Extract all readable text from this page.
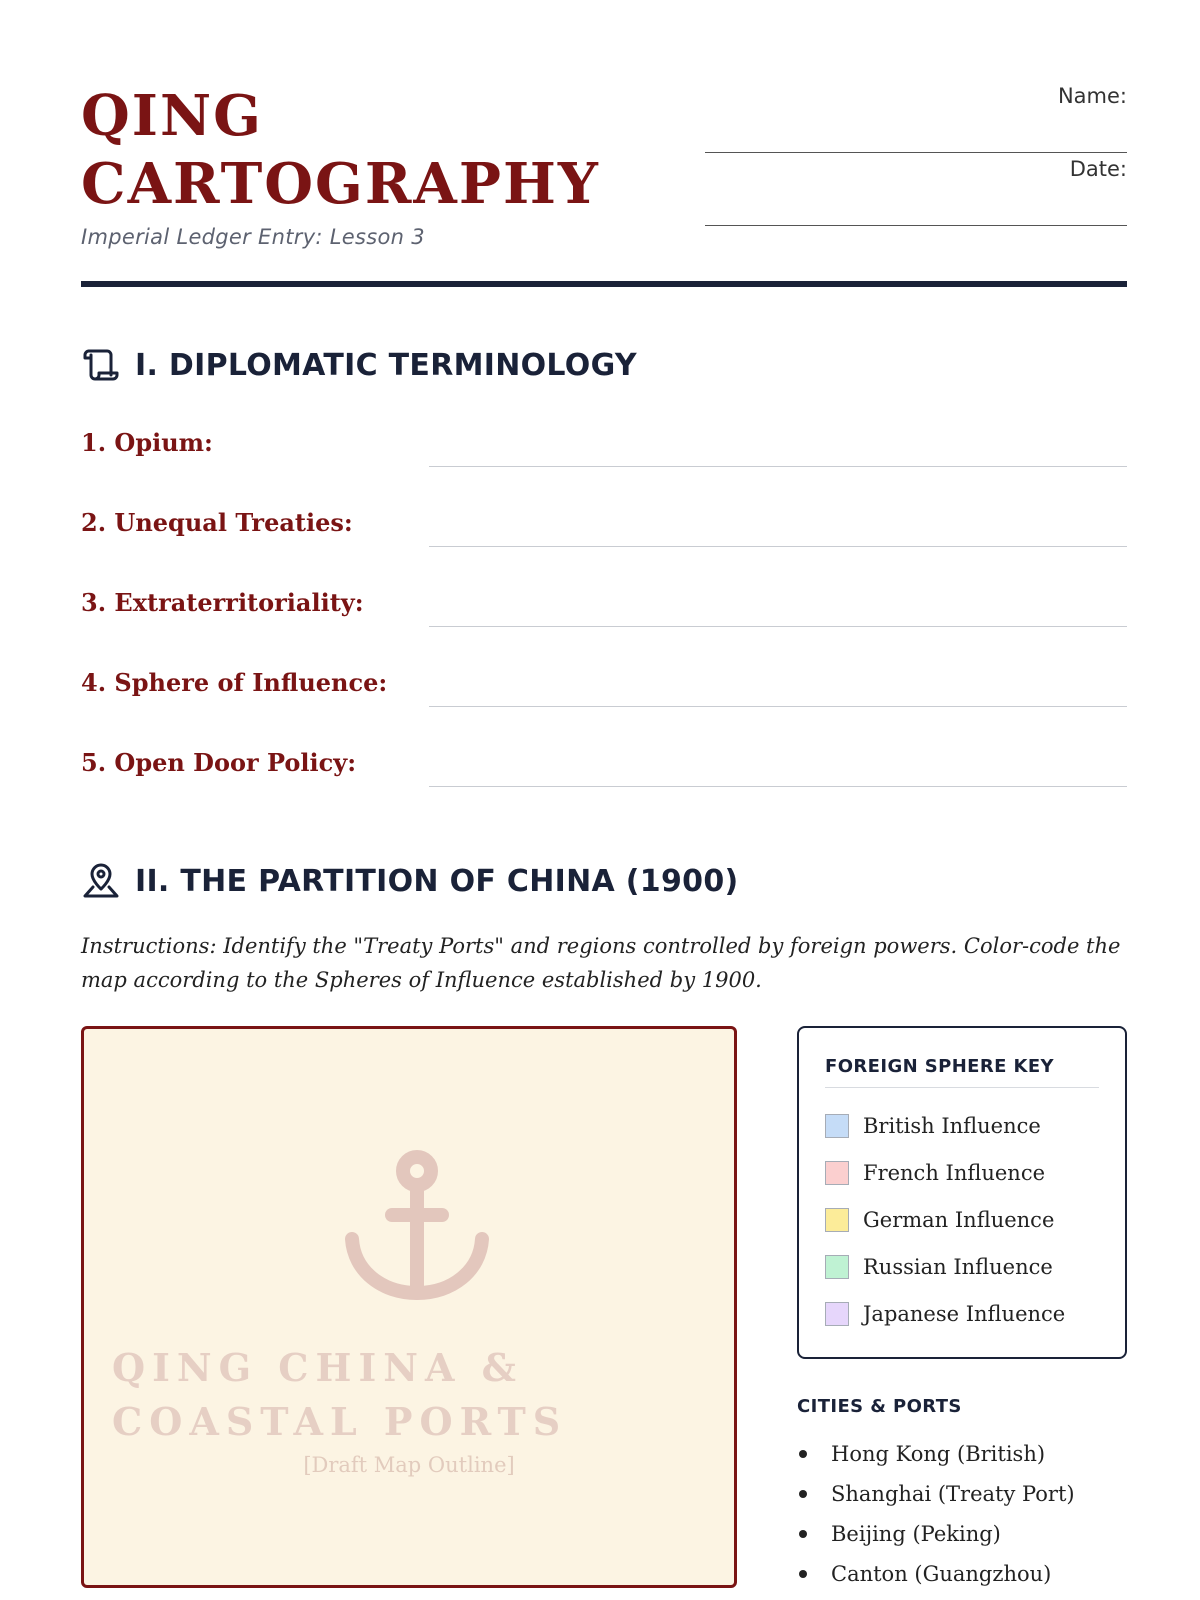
QING
CARTOGRAPHY
Imperial Ledger Entry: Lesson 3
Name:
Date:
I. DIPLOMATIC TERMINOLOGY
1. Opium:
2. Unequal Treaties:
3. Extraterritoriality:
4. Sphere of Influence:
5. Open Door Policy:
II. THE PARTITION OF CHINA (1900)

Instructions: Identify the "Treaty Ports" and regions controlled by foreign powers. Color-code the map according to the Spheres of Influence established by 1900.

QING CHINA & COASTAL PORTS

[Draft Map Outline]
FOREIGN SPHERE KEY
British Influence
French Influence
German Influence
Russian Influence
Japanese Influence
CITIES & PORTS
Hong Kong (British)
Shanghai (Treaty Port)
Beijing (Peking)
Canton (Guangzhou)
